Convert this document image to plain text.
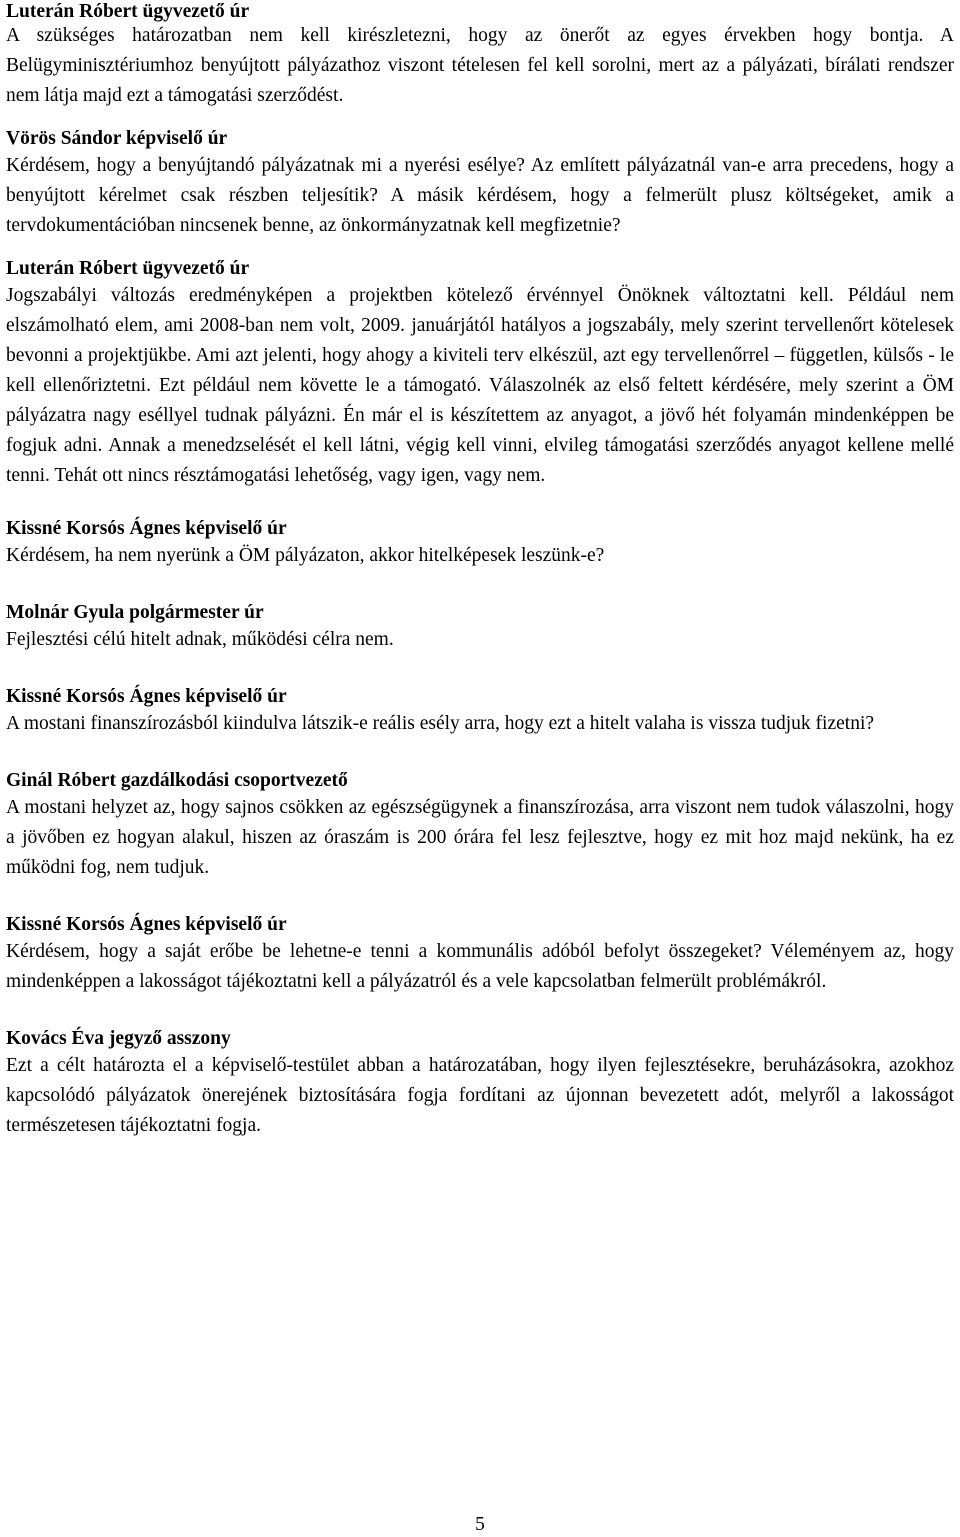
Luterán Róbert ügyvezető úr

A szükséges határozatban nem kell kirészletezni, hogy az önerőt az egyes érvekben hogy bontja. A Belügyminisztériumhoz benyújtott pályázathoz viszont tételesen fel kell sorolni, mert az a pályázati, bírálati rendszer nem látja majd ezt a támogatási szerződést.

Vörös Sándor képviselő úr

Kérdésem, hogy a benyújtandó pályázatnak mi a nyerési esélye? Az említett pályázatnál van-e arra precedens, hogy a benyújtott kérelmet csak részben teljesítik? A másik kérdésem, hogy a felmerült plusz költségeket, amik a tervdokumentációban nincsenek benne, az önkormányzatnak kell megfizetnie?

Luterán Róbert ügyvezető úr

Jogszabályi változás eredményképen a projektben kötelező érvénnyel Önöknek változtatni kell. Például nem elszámolható elem, ami 2008-ban nem volt, 2009. januárjától hatályos a jogszabály, mely szerint tervellenőrt kötelesek bevonni a projektjükbe. Ami azt jelenti, hogy ahogy a kiviteli terv elkészül, azt egy tervellenőrrel – független, külsős - le kell ellenőriztetni. Ezt például nem követte le a támogató. Válaszolnék az első feltett kérdésére, mely szerint a ÖM pályázatra nagy eséllyel tudnak pályázni. Én már el is készítettem az anyagot, a jövő hét folyamán mindenképpen be fogjuk adni. Annak a menedzselését el kell látni, végig kell vinni, elvileg támogatási szerződés anyagot kellene mellé tenni. Tehát ott nincs résztámogatási lehetőség, vagy igen, vagy nem.

Kissné Korsós Ágnes képviselő úr

Kérdésem, ha nem nyerünk a ÖM pályázaton, akkor hitelképesek leszünk-e?

Molnár Gyula polgármester úr

Fejlesztési célú hitelt adnak, működési célra nem.

Kissné Korsós Ágnes képviselő úr

A mostani finanszírozásból kiindulva látszik-e reális esély arra, hogy ezt a hitelt valaha is vissza tudjuk fizetni?

Ginál Róbert gazdálkodási csoportvezető

A mostani helyzet az, hogy sajnos csökken az egészségügynek a finanszírozása, arra viszont nem tudok válaszolni, hogy a jövőben ez hogyan alakul, hiszen az óraszám is 200 órára fel lesz fejlesztve, hogy ez mit hoz majd nekünk, ha ez működni fog, nem tudjuk.

Kissné Korsós Ágnes képviselő úr

Kérdésem, hogy a saját erőbe be lehetne-e tenni a kommunális adóból befolyt összegeket? Véleményem az, hogy mindenképpen a lakosságot tájékoztatni kell a pályázatról és a vele kapcsolatban felmerült problémákról.

Kovács Éva jegyző asszony

Ezt a célt határozta el a képviselő-testület abban a határozatában, hogy ilyen fejlesztésekre, beruházásokra, azokhoz kapcsolódó pályázatok önerejének biztosítására fogja fordítani az újonnan bevezetett adót, melyről a lakosságot természetesen tájékoztatni fogja.

5
